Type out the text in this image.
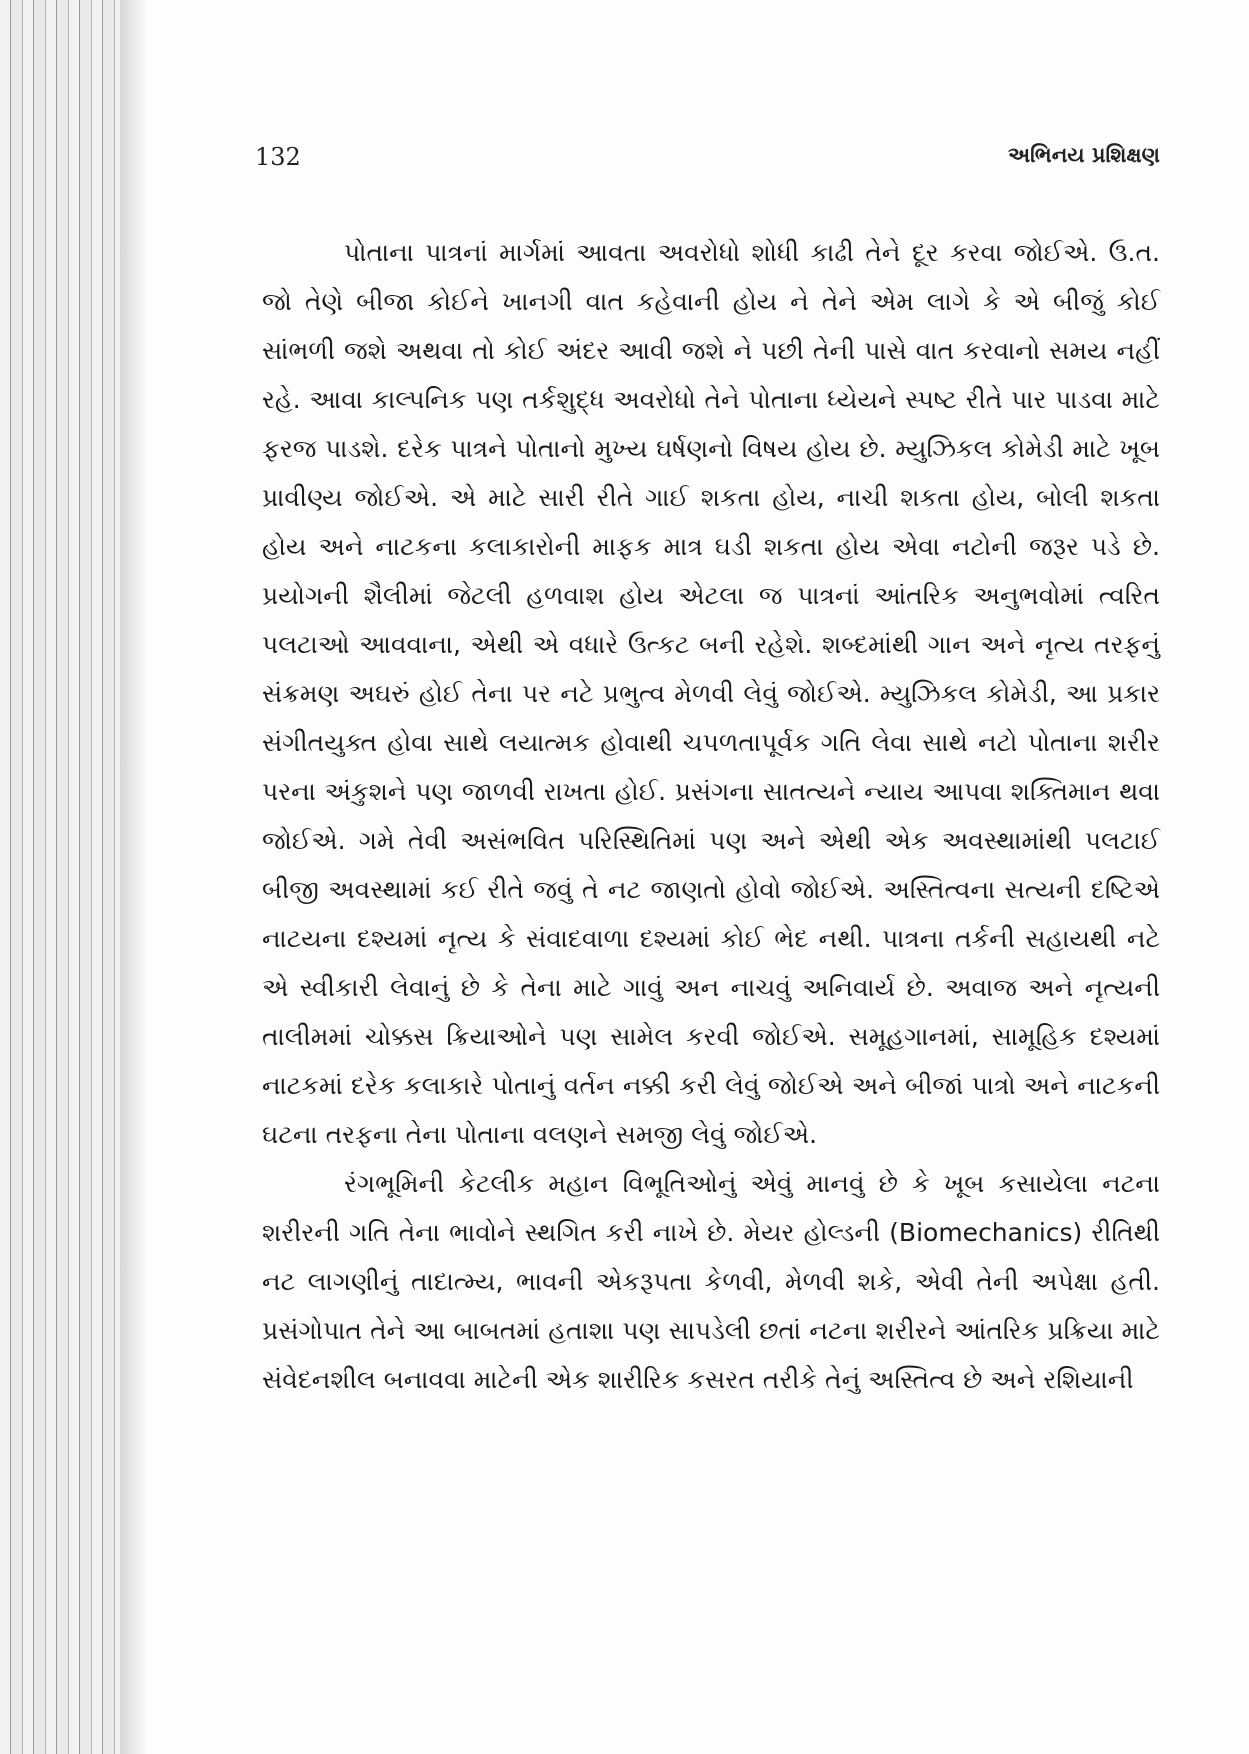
132	અભિનય પ્રશિક્ષણ

પોતાના પાત્રનાં માર્ગમાં આવતા અવરોધો શોધી કાઢી તેને દૂર કરવા જોઈએ. ઉ.ત. જો તેણે બીજા કોઈને ખાનગી વાત કહેવાની હોય ને તેને એમ લાગે કે એ બીજું કોઈ સાંભળી જશે અથવા તો કોઈ અંદર આવી જશે ને પછી તેની પાસે વાત કરવાનો સમય નહીં રહે. આવા કાલ્પનિક પણ તર્કશુદ્ધ અવરોધો તેને પોતાના ધ્યેયને સ્પષ્ટ રીતે પાર પાડવા માટે ફરજ પાડશે. દરેક પાત્રને પોતાનો મુખ્ય ઘર્ષણનો વિષય હોય છે. મ્યુઝિકલ કોમેડી માટે ખૂબ પ્રાવીણ્ય જોઈએ. એ માટે સારી રીતે ગાઈ શકતા હોય, નાચી શકતા હોય, બોલી શકતા હોય અને નાટકના કલાકારોની માફક માત્ર ઘડી શકતા હોય એવા નટોની જરૂર પડે છે. પ્રયોગની શૈલીમાં જેટલી હળવાશ હોય એટલા જ પાત્રનાં આંતરિક અનુભવોમાં ત્વરિત પલટાઓ આવવાના, એથી એ વધારે ઉત્કટ બની રહેશે. શબ્દમાંથી ગાન અને નૃત્ય તરફનું સંક્રમણ અઘરું હોઈ તેના પર નટે પ્રભુત્વ મેળવી લેવું જોઈએ. મ્યુઝિકલ કોમેડી, આ પ્રકાર સંગીતયુક્ત હોવા સાથે લયાત્મક હોવાથી ચપળતાપૂર્વક ગતિ લેવા સાથે નટો પોતાના શરીર પરના અંકુશને પણ જાળવી રાખતા હોઈ. પ્રસંગના સાતત્યને ન્યાય આપવા શક્તિમાન થવા જોઈએ. ગમે તેવી અસંભવિત પરિસ્થિતિમાં પણ અને એથી એક અવસ્થામાંથી પલટાઈ બીજી અવસ્થામાં કઈ રીતે જવું તે નટ જાણતો હોવો જોઈએ. અસ્તિત્વના સત્યની દષ્ટિએ નાટયના દશ્યમાં નૃત્ય કે સંવાદવાળા દશ્યમાં કોઈ ભેદ નથી. પાત્રના તર્કની સહાયથી નટે એ સ્વીકારી લેવાનું છે કે તેના માટે ગાવું અન નાચવું અનિવાર્ય છે. અવાજ અને નૃત્યની તાલીમમાં ચોક્કસ ક્રિયાઓને પણ સામેલ કરવી જોઈએ. સમૂહગાનમાં, સામૂહિક દશ્યમાં નાટકમાં દરેક કલાકારે પોતાનું વર્તન નક્કી કરી લેવું જોઈએ અને બીજાં પાત્રો અને નાટકની ઘટના તરફના તેના પોતાના વલણને સમજી લેવું જોઈએ.

રંગભૂમિની કેટલીક મહાન વિભૂતિઓનું એવું માનવું છે કે ખૂબ કસાયેલા નટના શરીરની ગતિ તેના ભાવોને સ્થગિત કરી નાખે છે. મેયર હોલ્ડની (Biomechanics) રીતિથી નટ લાગણીનું તાદાત્મ્ય, ભાવની એકરૂપતા કેળવી, મેળવી શકે, એવી તેની અપેક્ષા હતી. પ્રસંગોપાત તેને આ બાબતમાં હતાશા પણ સાપડેલી છતાં નટના શરીરને આંતરિક પ્રક્રિયા માટે સંવેદનશીલ બનાવવા માટેની એક શારીરિક કસરત તરીકે તેનું અસ્તિત્વ છે અને રશિયાની
